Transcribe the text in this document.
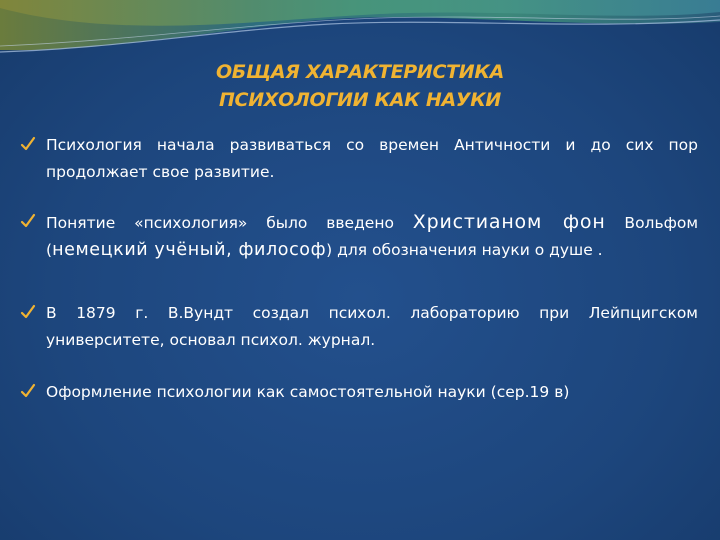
ОБЩАЯ ХАРАКТЕРИСТИКА
ПСИХОЛОГИИ КАК НАУКИ
Психология начала развиваться со времен Античности и до сих пор продолжает свое развитие.
Понятие «психология» было введено Христианом фон Вольфом (немецкий учёный, философ) для обозначения науки о душе .
В 1879 г. В.Вундт создал психол. лабораторию при Лейпцигском университете, основал психол. журнал.
Оформление психологии как самостоятельной науки (сер.19 в)
